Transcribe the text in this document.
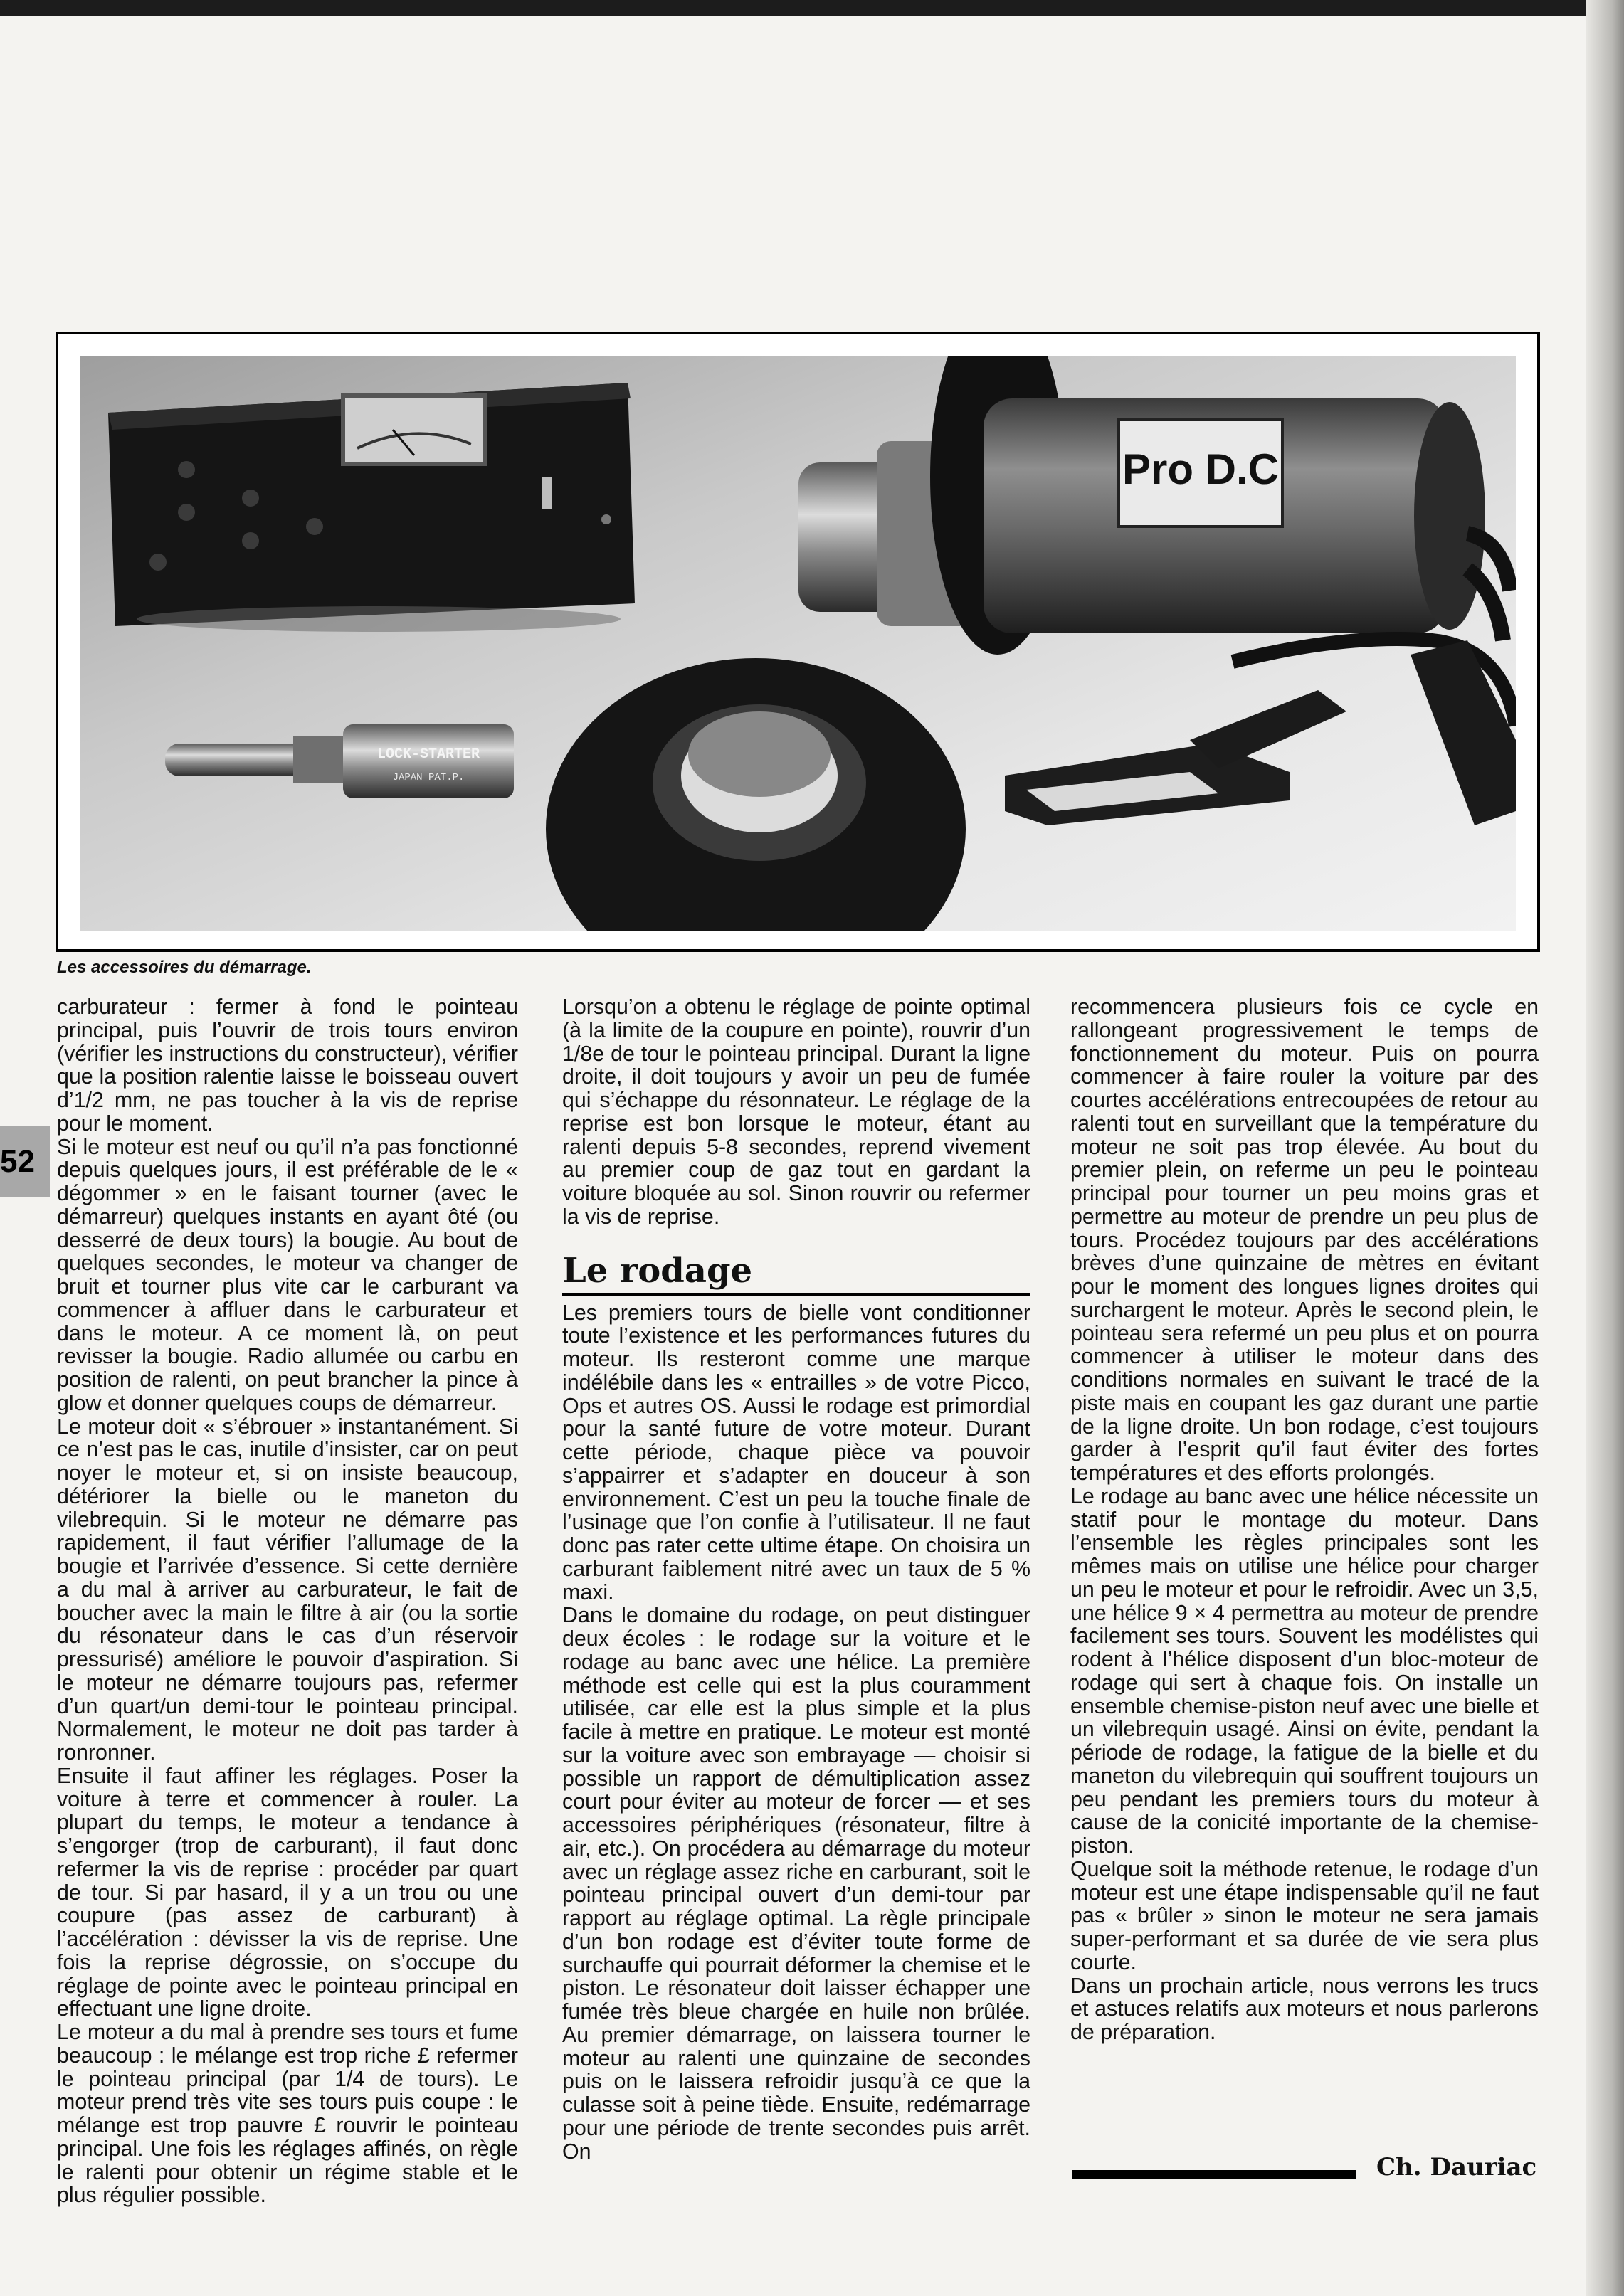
Pro D.C
LOCK-STARTER
JAPAN PAT.P.
Les accessoires du démarrage.
52

carburateur : fermer à fond le pointeau principal, puis l’ouvrir de trois tours environ (vérifier les instructions du constructeur), vérifier que la position ralentie laisse le boisseau ouvert d’1/2 mm, ne pas toucher à la vis de reprise pour le moment.

Si le moteur est neuf ou qu’il n’a pas fonctionné depuis quelques jours, il est préférable de le « dégommer » en le faisant tourner (avec le démarreur) quelques instants en ayant ôté (ou desserré de deux tours) la bougie. Au bout de quelques secondes, le moteur va changer de bruit et tourner plus vite car le carburant va commencer à affluer dans le carburateur et dans le moteur. A ce moment là, on peut revisser la bougie. Radio allumée ou carbu en position de ralenti, on peut brancher la pince à glow et donner quelques coups de démarreur.

Le moteur doit « s’ébrouer » instantanément. Si ce n’est pas le cas, inutile d’insister, car on peut noyer le moteur et, si on insiste beaucoup, détériorer la bielle ou le maneton du vilebrequin. Si le moteur ne démarre pas rapidement, il faut vérifier l’allumage de la bougie et l’arrivée d’essence. Si cette dernière a du mal à arriver au carburateur, le fait de boucher avec la main le filtre à air (ou la sortie du résonateur dans le cas d’un réservoir pressurisé) améliore le pouvoir d’aspiration. Si le moteur ne démarre toujours pas, refermer d’un quart/un demi-tour le pointeau principal. Normalement, le moteur ne doit pas tarder à ronronner.

Ensuite il faut affiner les réglages. Poser la voiture à terre et commencer à rouler. La plupart du temps, le moteur a tendance à s’engorger (trop de carburant), il faut donc refermer la vis de reprise : procéder par quart de tour. Si par hasard, il y a un trou ou une coupure (pas assez de carburant) à l’accélération : dévisser la vis de reprise. Une fois la reprise dégrossie, on s’occupe du réglage de pointe avec le pointeau principal en effectuant une ligne droite.

Le moteur a du mal à prendre ses tours et fume beaucoup : le mélange est trop riche £ refermer le pointeau principal (par 1/4 de tours). Le moteur prend très vite ses tours puis coupe : le mélange est trop pauvre £ rouvrir le pointeau principal. Une fois les réglages affinés, on règle le ralenti pour obtenir un régime stable et le plus régulier possible.

Lorsqu’on a obtenu le réglage de pointe optimal (à la limite de la coupure en pointe), rouvrir d’un 1/8e de tour le pointeau principal. Durant la ligne droite, il doit toujours y avoir un peu de fumée qui s’échappe du résonnateur. Le réglage de la reprise est bon lorsque le moteur, étant au ralenti depuis 5-8 secondes, reprend vivement au premier coup de gaz tout en gardant la voiture bloquée au sol. Sinon rouvrir ou refermer la vis de reprise.

Le rodage

Les premiers tours de bielle vont conditionner toute l’existence et les performances futures du moteur. Ils resteront comme une marque indélébile dans les « entrailles » de votre Picco, Ops et autres OS. Aussi le rodage est primordial pour la santé future de votre moteur. Durant cette période, chaque pièce va pouvoir s’appairrer et s’adapter en douceur à son environnement. C’est un peu la touche finale de l’usinage que l’on confie à l’utilisateur. Il ne faut donc pas rater cette ultime étape. On choisira un carburant faiblement nitré avec un taux de 5 % maxi.

Dans le domaine du rodage, on peut distinguer deux écoles : le rodage sur la voiture et le rodage au banc avec une hélice. La première méthode est celle qui est la plus couramment utilisée, car elle est la plus simple et la plus facile à mettre en pratique. Le moteur est monté sur la voiture avec son embrayage — choisir si possible un rapport de démultiplication assez court pour éviter au moteur de forcer — et ses accessoires périphériques (résonateur, filtre à air, etc.). On procédera au démarrage du moteur avec un réglage assez riche en carburant, soit le pointeau principal ouvert d’un demi-tour par rapport au réglage optimal. La règle principale d’un bon rodage est d’éviter toute forme de surchauffe qui pourrait déformer la chemise et le piston. Le résonateur doit laisser échapper une fumée très bleue chargée en huile non brûlée. Au premier démarrage, on laissera tourner le moteur au ralenti une quinzaine de secondes puis on le laissera refroidir jusqu’à ce que la culasse soit à peine tiède. Ensuite, redémarrage pour une période de trente secondes puis arrêt. On

recommencera plusieurs fois ce cycle en rallongeant progressivement le temps de fonctionnement du moteur. Puis on pourra commencer à faire rouler la voiture par des courtes accélérations entrecoupées de retour au ralenti tout en surveillant que la température du moteur ne soit pas trop élevée. Au bout du premier plein, on referme un peu le pointeau principal pour tourner un peu moins gras et permettre au moteur de prendre un peu plus de tours. Procédez toujours par des accélérations brèves d’une quinzaine de mètres en évitant pour le moment des longues lignes droites qui surchargent le moteur. Après le second plein, le pointeau sera refermé un peu plus et on pourra commencer à utiliser le moteur dans des conditions normales en suivant le tracé de la piste mais en coupant les gaz durant une partie de la ligne droite. Un bon rodage, c’est toujours garder à l’esprit qu’il faut éviter des fortes températures et des efforts prolongés.

Le rodage au banc avec une hélice nécessite un statif pour le montage du moteur. Dans l’ensemble les règles principales sont les mêmes mais on utilise une hélice pour charger un peu le moteur et pour le refroidir. Avec un 3,5, une hélice 9 × 4 permettra au moteur de prendre facilement ses tours. Souvent les modélistes qui rodent à l’hélice disposent d’un bloc-moteur de rodage qui sert à chaque fois. On installe un ensemble chemise-piston neuf avec une bielle et un vilebrequin usagé. Ainsi on évite, pendant la période de rodage, la fatigue de la bielle et du maneton du vilebrequin qui souffrent toujours un peu pendant les premiers tours du moteur à cause de la conicité importante de la chemise-piston.

Quelque soit la méthode retenue, le rodage d’un moteur est une étape indispensable qu’il ne faut pas « brûler » sinon le moteur ne sera jamais super-performant et sa durée de vie sera plus courte.

Dans un prochain article, nous verrons les trucs et astuces relatifs aux moteurs et nous parlerons de préparation.

Ch. Dauriac
